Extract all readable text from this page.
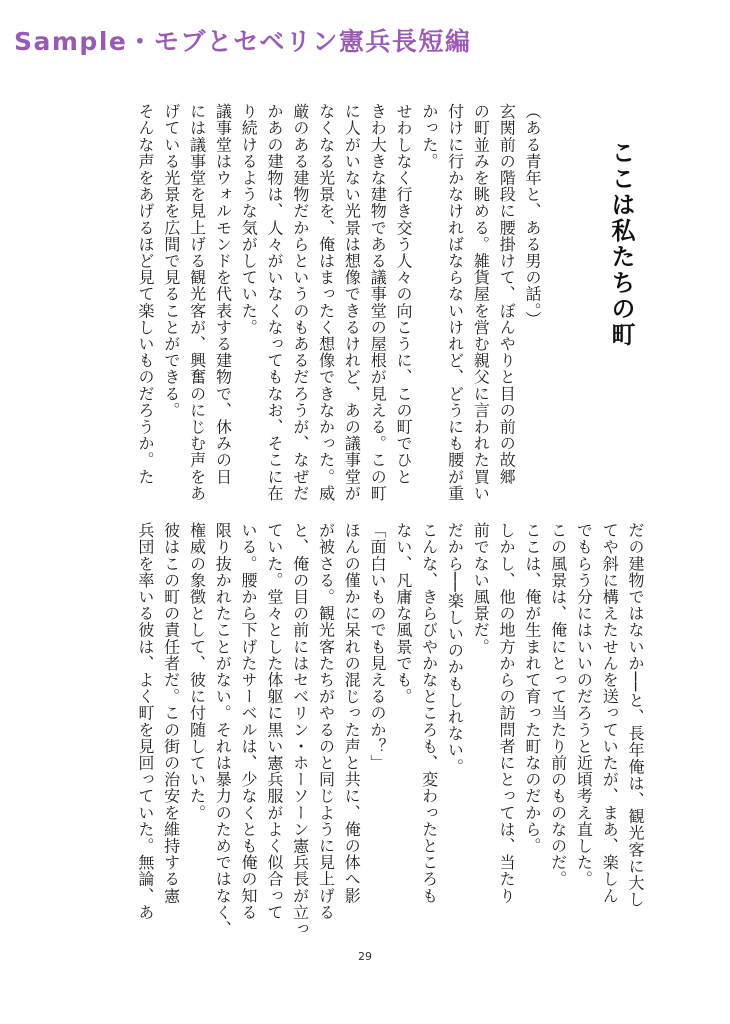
Sample・モブとセベリン憲兵長短編
ここは私たちの町

（ある青年と、ある男の話。）

玄関前の階段に腰掛けて、ぼんやりと目の前の故郷

の町並みを眺める。雑貨屋を営む親父に言われた買い

付けに行かなければならないけれど、どうにも腰が重

かった。

せわしなく行き交う人々の向こうに、この町でひと

きわ大きな建物である議事堂の屋根が見える。この町

に人がいない光景は想像できるけれど、あの議事堂が

なくなる光景を、俺はまったく想像できなかった。威

厳のある建物だからというのもあるだろうが、なぜだ

かあの建物は、人々がいなくなってもなお、そこに在

り続けるような気がしていた。

議事堂はウォルモンドを代表する建物で、休みの日

には議事堂を見上げる観光客が、興奮のにじむ声をあ

げている光景を広間で見ることができる。

そんな声をあげるほど見て楽しいものだろうか。た

だの建物ではないか──と、長年俺は、観光客に大し

てや斜に構えたせんを送っていたが、まあ、楽しん

でもらう分にはいいのだろうと近頃考え直した。

この風景は、俺にとって当たり前のものなのだ。

ここは、俺が生まれて育った町なのだから。

しかし、他の地方からの訪問者にとっては、当たり

前でない風景だ。

だから──楽しいのかもしれない。

こんな、きらびやかなところも、変わったところも

ない、凡庸な風景でも。

「面白いものでも見えるのか？」

ほんの僅かに呆れの混じった声と共に、俺の体へ影

が被さる。観光客たちがやるのと同じように見上げる

と、俺の目の前にはセベリン・ホーソーン憲兵長が立っ

ていた。堂々とした体躯に黒い憲兵服がよく似合って

いる。腰から下げたサーベルは、少なくとも俺の知る

限り抜かれたことがない。それは暴力のためではなく、

権威の象徴として、彼に付随していた。

彼はこの町の責任者だ。この街の治安を維持する憲

兵団を率いる彼は、よく町を見回っていた。無論、あ

29
